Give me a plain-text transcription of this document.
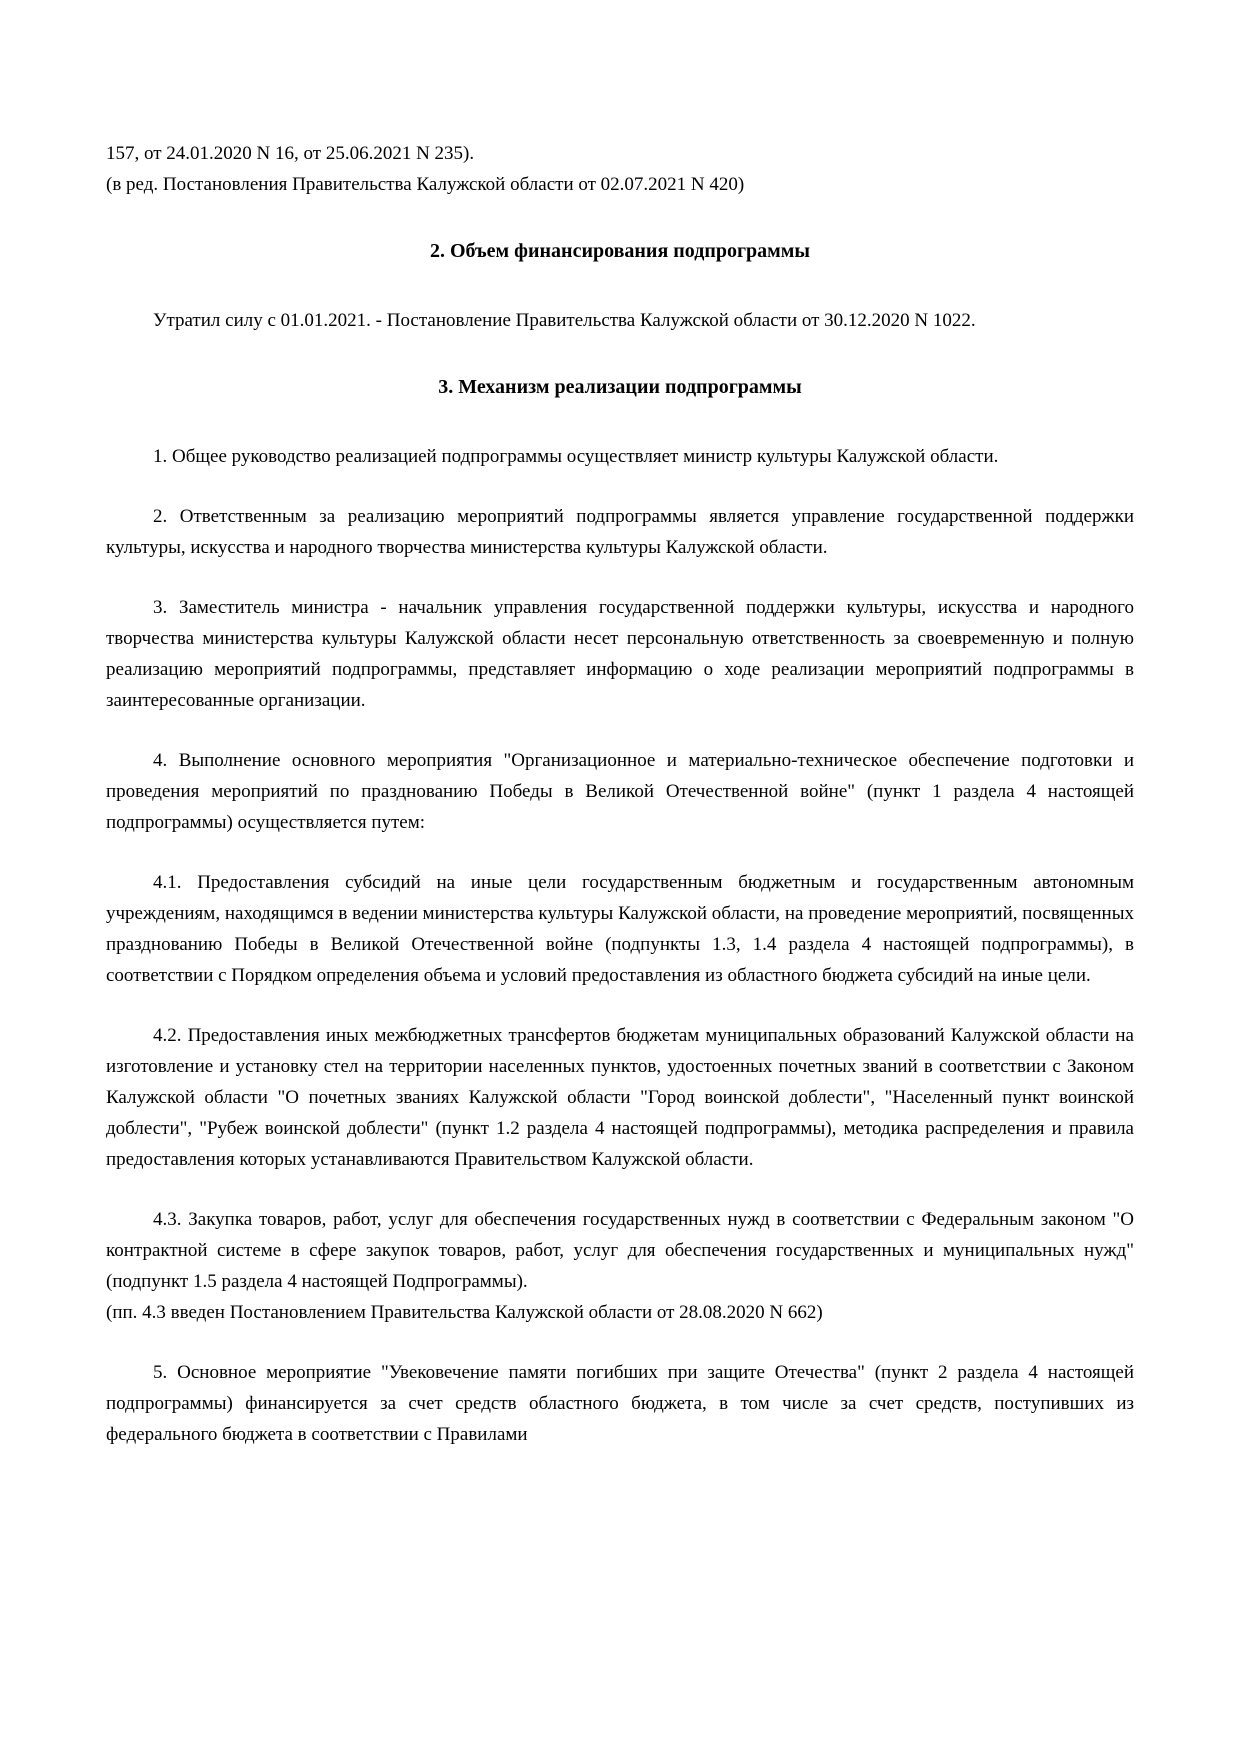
157, от 24.01.2020 N 16, от 25.06.2021 N 235).

(в ред. Постановления Правительства Калужской области от 02.07.2021 N 420)

2. Объем финансирования подпрограммы

Утратил силу с 01.01.2021. - Постановление Правительства Калужской области от 30.12.2020 N 1022.

3. Механизм реализации подпрограммы

1. Общее руководство реализацией подпрограммы осуществляет министр культуры Калужской области.

2. Ответственным за реализацию мероприятий подпрограммы является управление государственной поддержки культуры, искусства и народного творчества министерства культуры Калужской области.

3. Заместитель министра - начальник управления государственной поддержки культуры, искусства и народного творчества министерства культуры Калужской области несет персональную ответственность за своевременную и полную реализацию мероприятий подпрограммы, представляет информацию о ходе реализации мероприятий подпрограммы в заинтересованные организации.

4. Выполнение основного мероприятия "Организационное и материально-техническое обеспечение подготовки и проведения мероприятий по празднованию Победы в Великой Отечественной войне" (пункт 1 раздела 4 настоящей подпрограммы) осуществляется путем:

4.1. Предоставления субсидий на иные цели государственным бюджетным и государственным автономным учреждениям, находящимся в ведении министерства культуры Калужской области, на проведение мероприятий, посвященных празднованию Победы в Великой Отечественной войне (подпункты 1.3, 1.4 раздела 4 настоящей подпрограммы), в соответствии с Порядком определения объема и условий предоставления из областного бюджета субсидий на иные цели.

4.2. Предоставления иных межбюджетных трансфертов бюджетам муниципальных образований Калужской области на изготовление и установку стел на территории населенных пунктов, удостоенных почетных званий в соответствии с Законом Калужской области "О почетных званиях Калужской области "Город воинской доблести", "Населенный пункт воинской доблести", "Рубеж воинской доблести" (пункт 1.2 раздела 4 настоящей подпрограммы), методика распределения и правила предоставления которых устанавливаются Правительством Калужской области.

4.3. Закупка товаров, работ, услуг для обеспечения государственных нужд в соответствии с Федеральным законом "О контрактной системе в сфере закупок товаров, работ, услуг для обеспечения государственных и муниципальных нужд" (подпункт 1.5 раздела 4 настоящей Подпрограммы).

(пп. 4.3 введен Постановлением Правительства Калужской области от 28.08.2020 N 662)

5. Основное мероприятие "Увековечение памяти погибших при защите Отечества" (пункт 2 раздела 4 настоящей подпрограммы) финансируется за счет средств областного бюджета, в том числе за счет средств, поступивших из федерального бюджета в соответствии с Правилами
